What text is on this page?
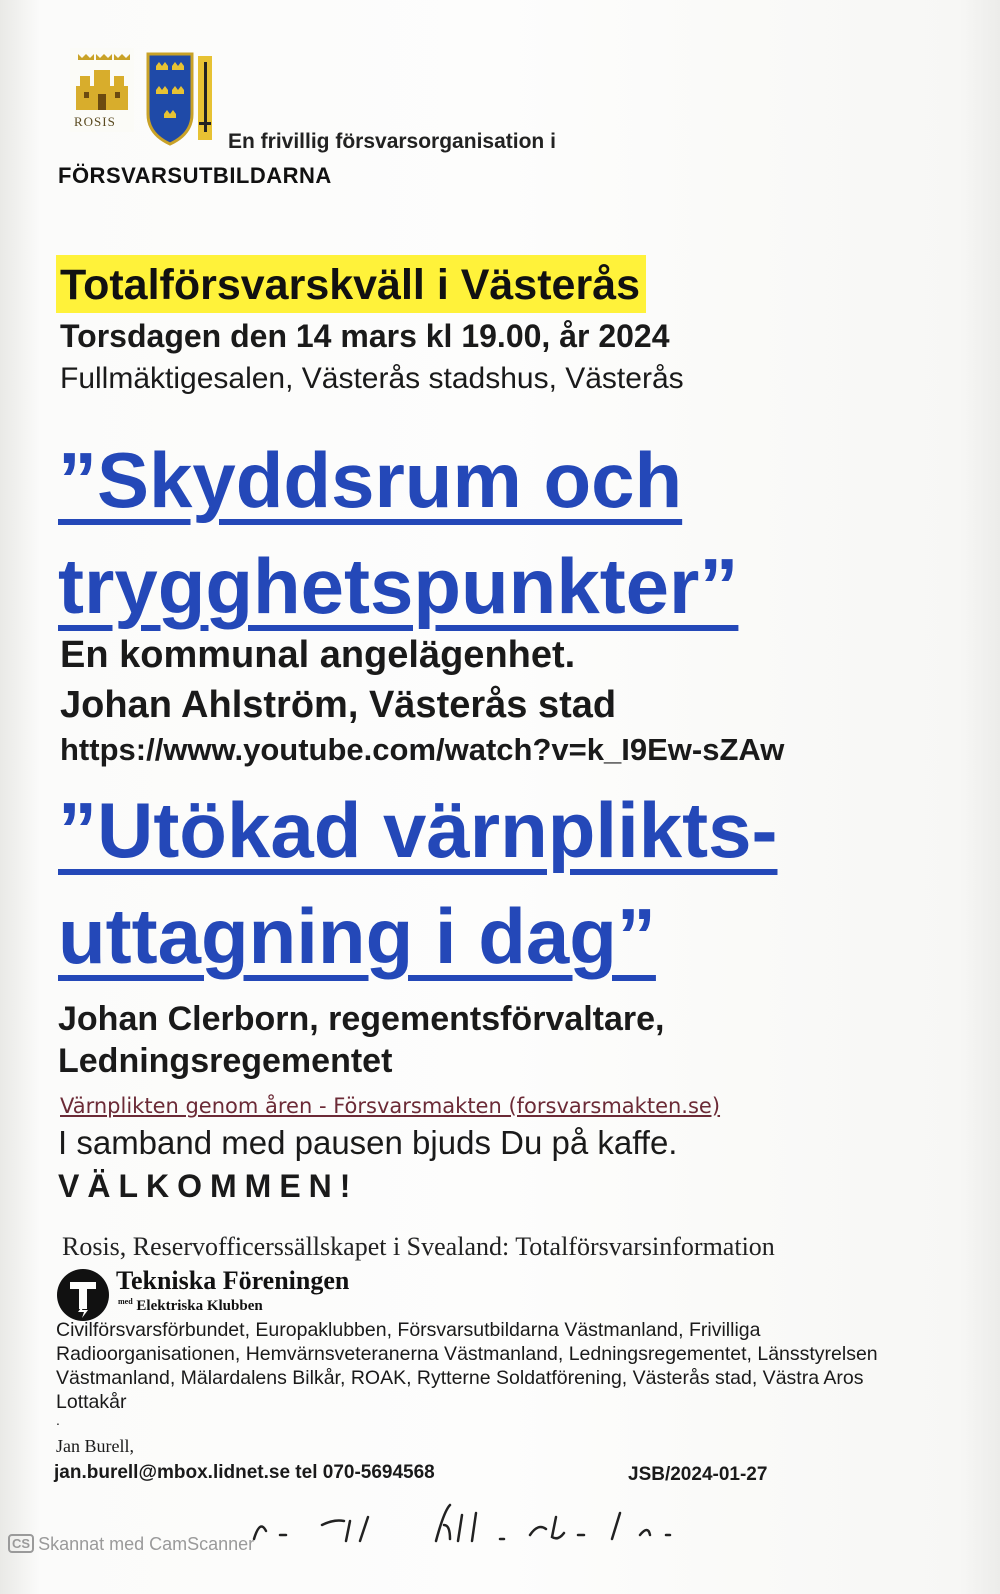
ROSIS
En frivillig försvarsorganisation i
FÖRSVARSUTBILDARNA
Totalförsvarskväll i Västerås
Torsdagen den 14 mars kl 19.00, år 2024
Fullmäktigesalen, Västerås stadshus, Västerås
”Skyddsrum och
trygghetspunkter”
En kommunal angelägenhet.
Johan Ahlström, Västerås stad
https://www.youtube.com/watch?v=k_I9Ew-sZAw
”Utökad värnplikts-
uttagning i dag”
Johan Clerborn, regementsförvaltare,
Ledningsregementet
Värnplikten genom åren - Försvarsmakten (forsvarsmakten.se)
I samband med pausen bjuds Du på kaffe.
VÄLKOMMEN!
Rosis, Reservofficerssällskapet i Svealand: Totalförsvarsinformation
Tekniska Föreningen
$^{med}$ Elektriska Klubben
Civilförsvarsförbundet, Europaklubben, Försvarsutbildarna Västmanland, Frivilliga Radioorganisationen, Hemvärnsveteranerna Västmanland, Ledningsregementet, Länsstyrelsen Västmanland, Mälardalens Bilkår, ROAK, Rytterne Soldatförening, Västerås stad, Västra Aros Lottakår
.
Jan Burell,
jan.burell@mbox.lidnet.se tel 070-5694568	JSB/2024-01-27
CS Skannat med CamScanner
